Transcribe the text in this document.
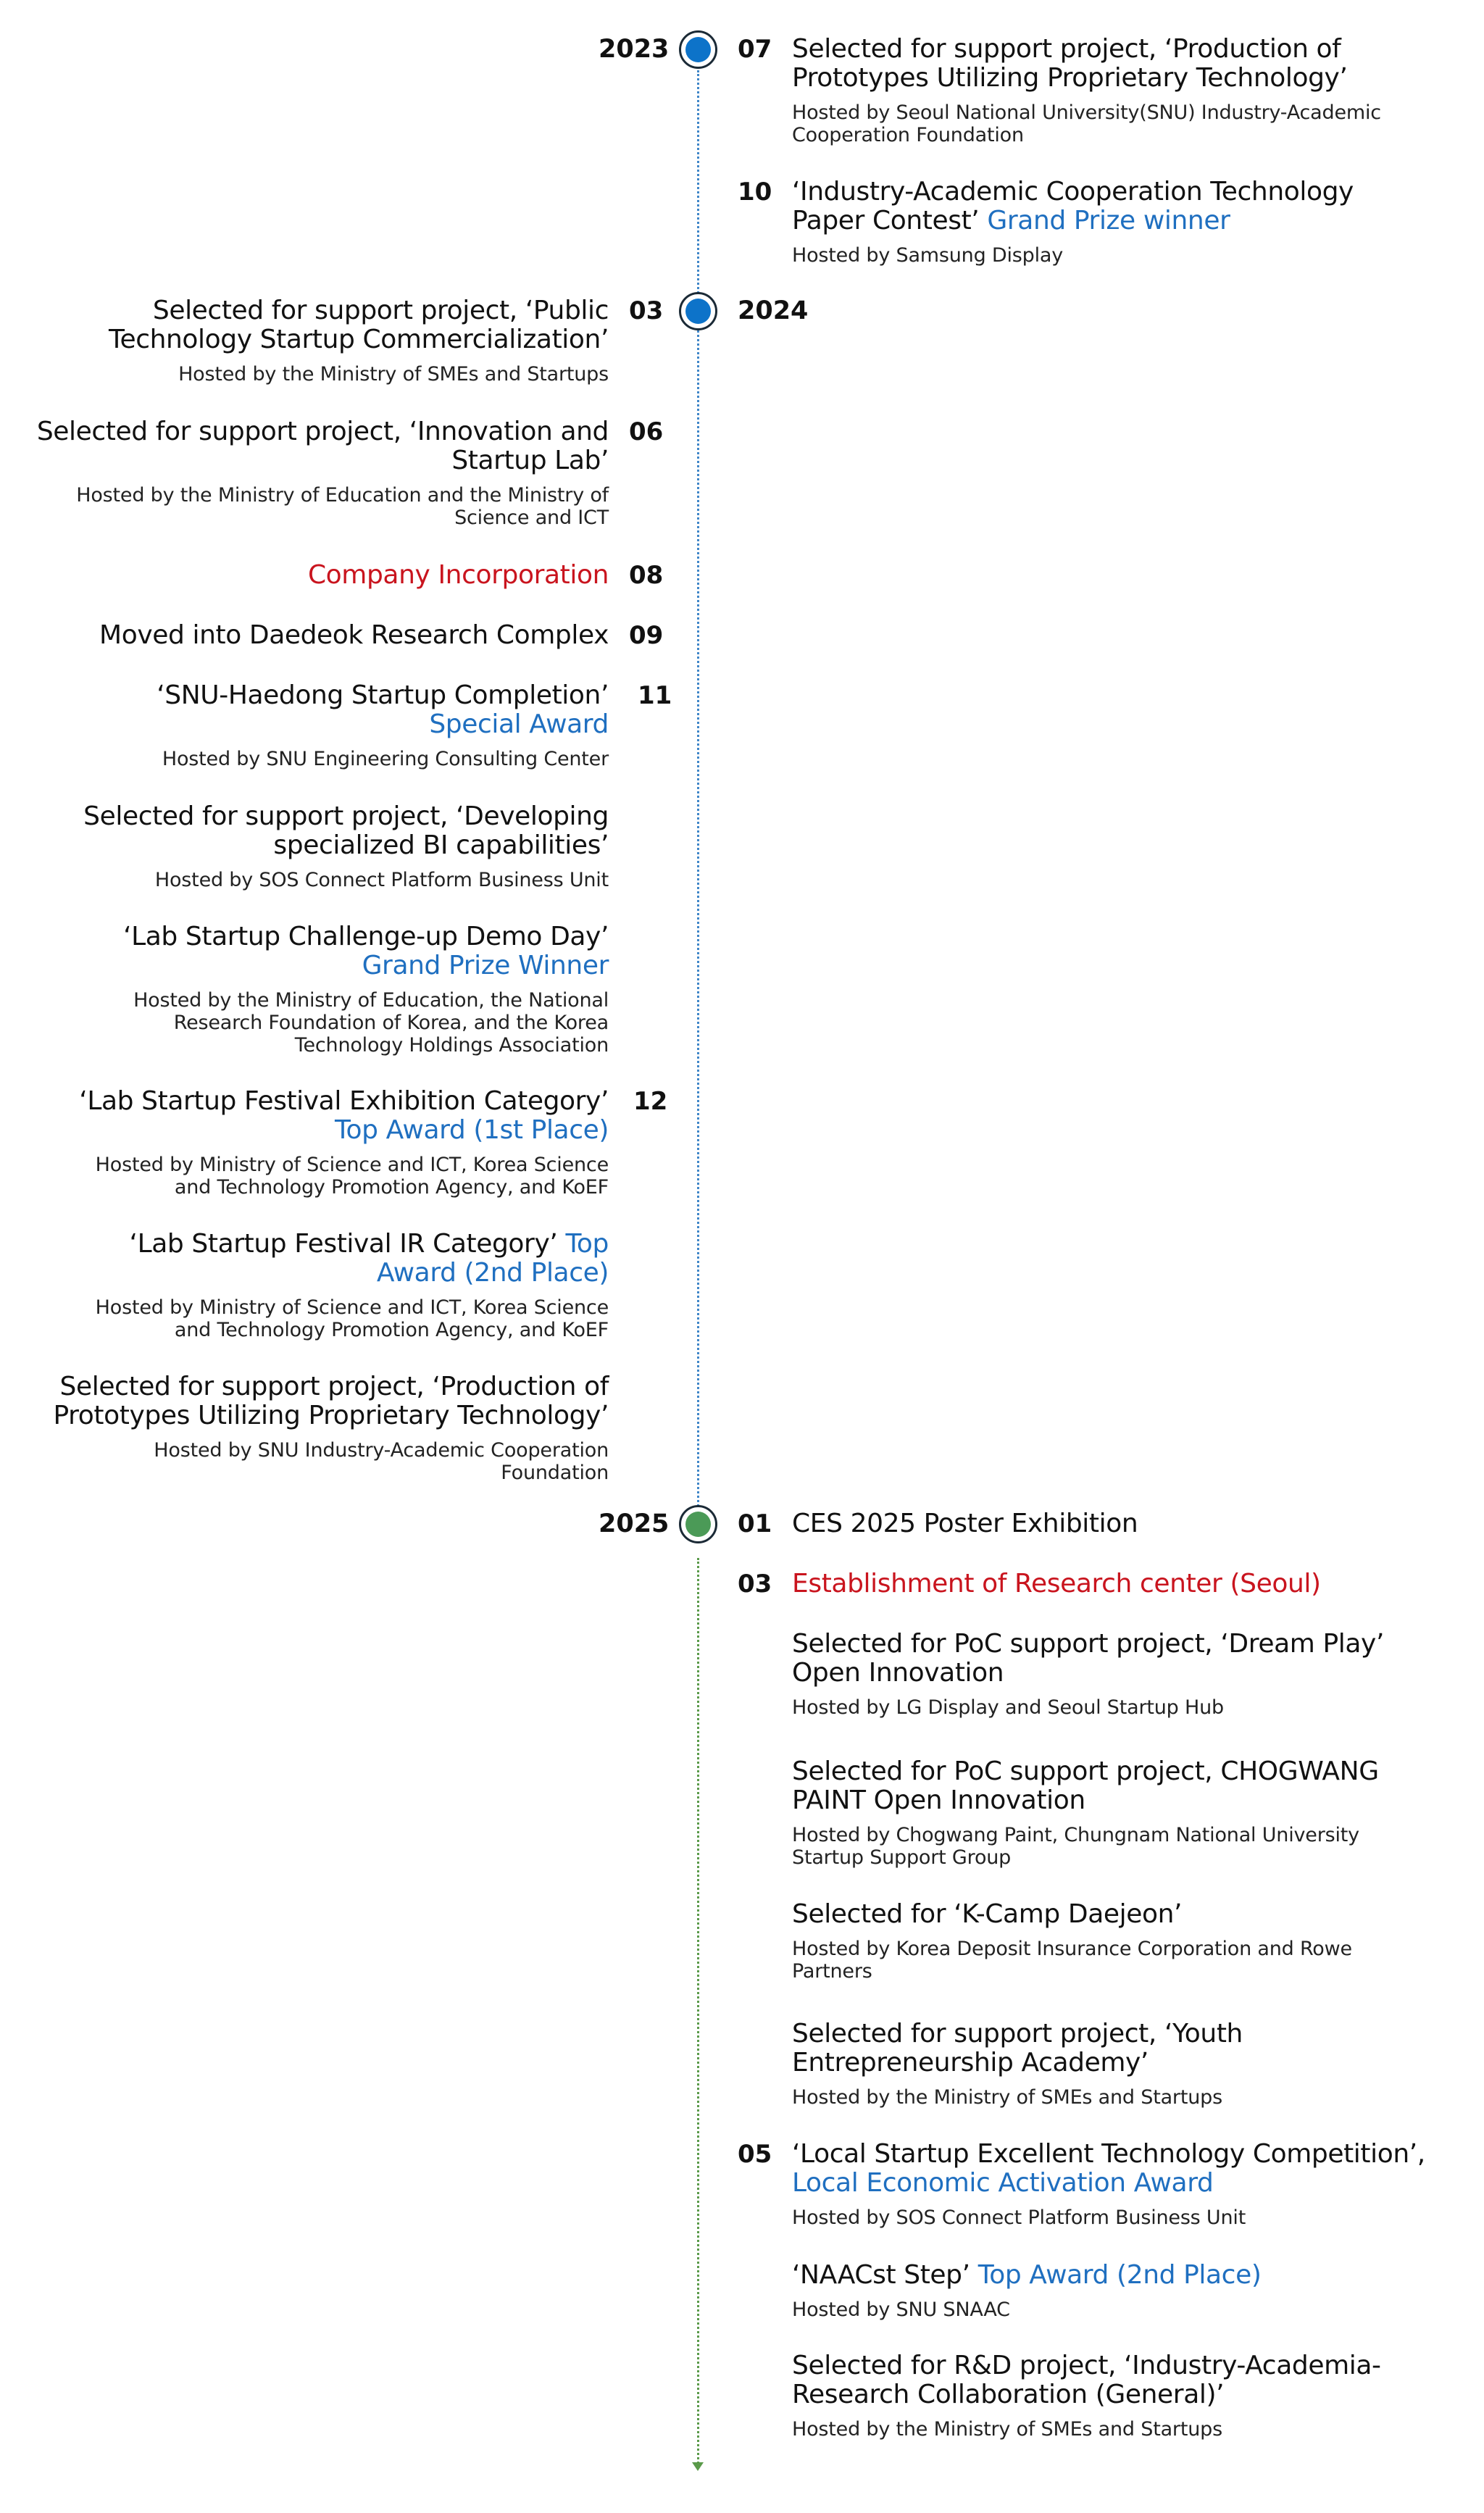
2023
2024
2025
07
10
01
03
05
03
06
08
09
11
12
Selected for support project, ‘Production of Prototypes Utilizing Proprietary Technology’
Hosted by Seoul National University(SNU) Industry-Academic Cooperation Foundation
‘Industry-Academic Cooperation Technology Paper Contest’ Grand Prize winner
Hosted by Samsung Display
Selected for support project, ‘Public Technology Startup Commercialization’
Hosted by the Ministry of SMEs and Startups
Selected for support project, ‘Innovation and Startup Lab’
Hosted by the Ministry of Education and the Ministry of Science and ICT
Company Incorporation
Moved into Daedeok Research Complex
‘SNU-Haedong Startup Completion’
Special Award
Hosted by SNU Engineering Consulting Center
Selected for support project, ‘Developing specialized BI capabilities’
Hosted by SOS Connect Platform Business Unit
‘Lab Startup Challenge-up Demo Day’
Grand Prize Winner
Hosted by the Ministry of Education, the National Research Foundation of Korea, and the Korea Technology Holdings Association
‘Lab Startup Festival Exhibition Category’
Top Award (1st Place)
Hosted by Ministry of Science and ICT, Korea Science and Technology Promotion Agency, and KoEF
‘Lab Startup Festival IR Category’ Top Award (2nd Place)
Hosted by Ministry of Science and ICT, Korea Science and Technology Promotion Agency, and KoEF
Selected for support project, ‘Production of Prototypes Utilizing Proprietary Technology’
Hosted by SNU Industry-Academic Cooperation Foundation
CES 2025 Poster Exhibition
Establishment of Research center (Seoul)
Selected for PoC support project, ‘Dream Play’ Open Innovation
Hosted by LG Display and Seoul Startup Hub
Selected for PoC support project, CHOGWANG PAINT Open Innovation
Hosted by Chogwang Paint, Chungnam National University Startup Support Group
Selected for ‘K-Camp Daejeon’
Hosted by Korea Deposit Insurance Corporation and Rowe Partners
Selected for support project, ‘Youth Entrepreneurship Academy’
Hosted by the Ministry of SMEs and Startups
‘Local Startup Excellent Technology Competition’,
Local Economic Activation Award
Hosted by SOS Connect Platform Business Unit
‘NAACst Step’ Top Award (2nd Place)
Hosted by SNU SNAAC
Selected for R&D project, ‘Industry-Academia-Research Collaboration (General)’
Hosted by the Ministry of SMEs and Startups
